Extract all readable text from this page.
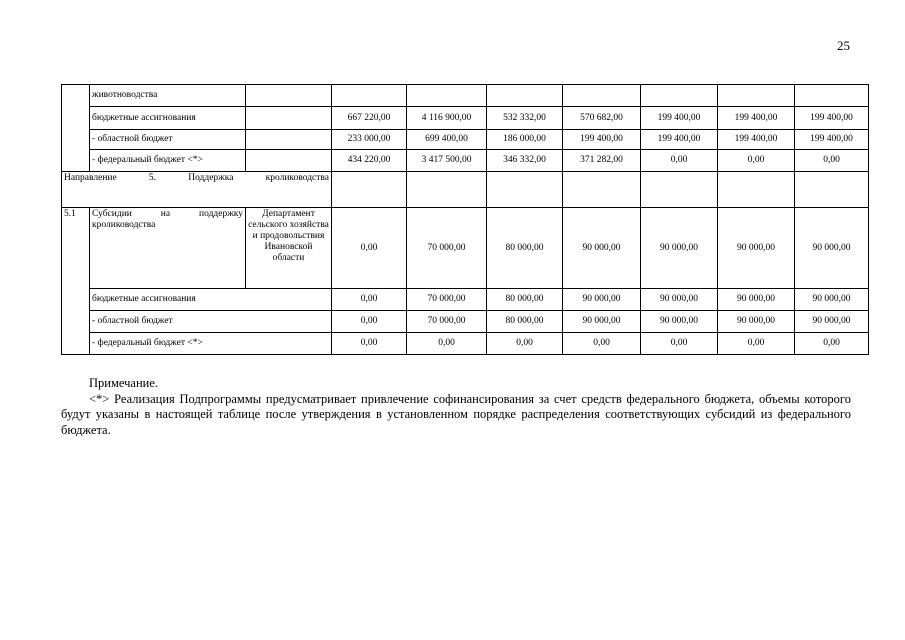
25
	животноводства								
	бюджетные ассигнования		667 220,00	4 116 900,00	532 332,00	570 682,00	199 400,00	199 400,00	199 400,00
	- областной бюджет		233 000,00	699 400,00	186 000,00	199 400,00	199 400,00	199 400,00	199 400,00
	- федеральный бюджет <*>		434 220,00	3 417 500,00	346 332,00	371 282,00	0,00	0,00	0,00
Направление 5. Поддержка кролиководства									
5.1	Субсидии на поддержку кролиководства	Департамент сельского хозяйства и продовольствия Ивановской области	0,00	70 000,00	80 000,00	90 000,00	90 000,00	90 000,00	90 000,00
	бюджетные ассигнования		0,00	70 000,00	80 000,00	90 000,00	90 000,00	90 000,00	90 000,00
	- областной бюджет		0,00	70 000,00	80 000,00	90 000,00	90 000,00	90 000,00	90 000,00
	- федеральный бюджет <*>		0,00	0,00	0,00	0,00	0,00	0,00	0,00

Примечание.

<*> Реализация Подпрограммы предусматривает привлечение софинансирования за счет средств федерального бюджета, объемы которого будут указаны в настоящей таблице после утверждения в установленном порядке распределения соответствующих субсидий из федерального бюджета.
